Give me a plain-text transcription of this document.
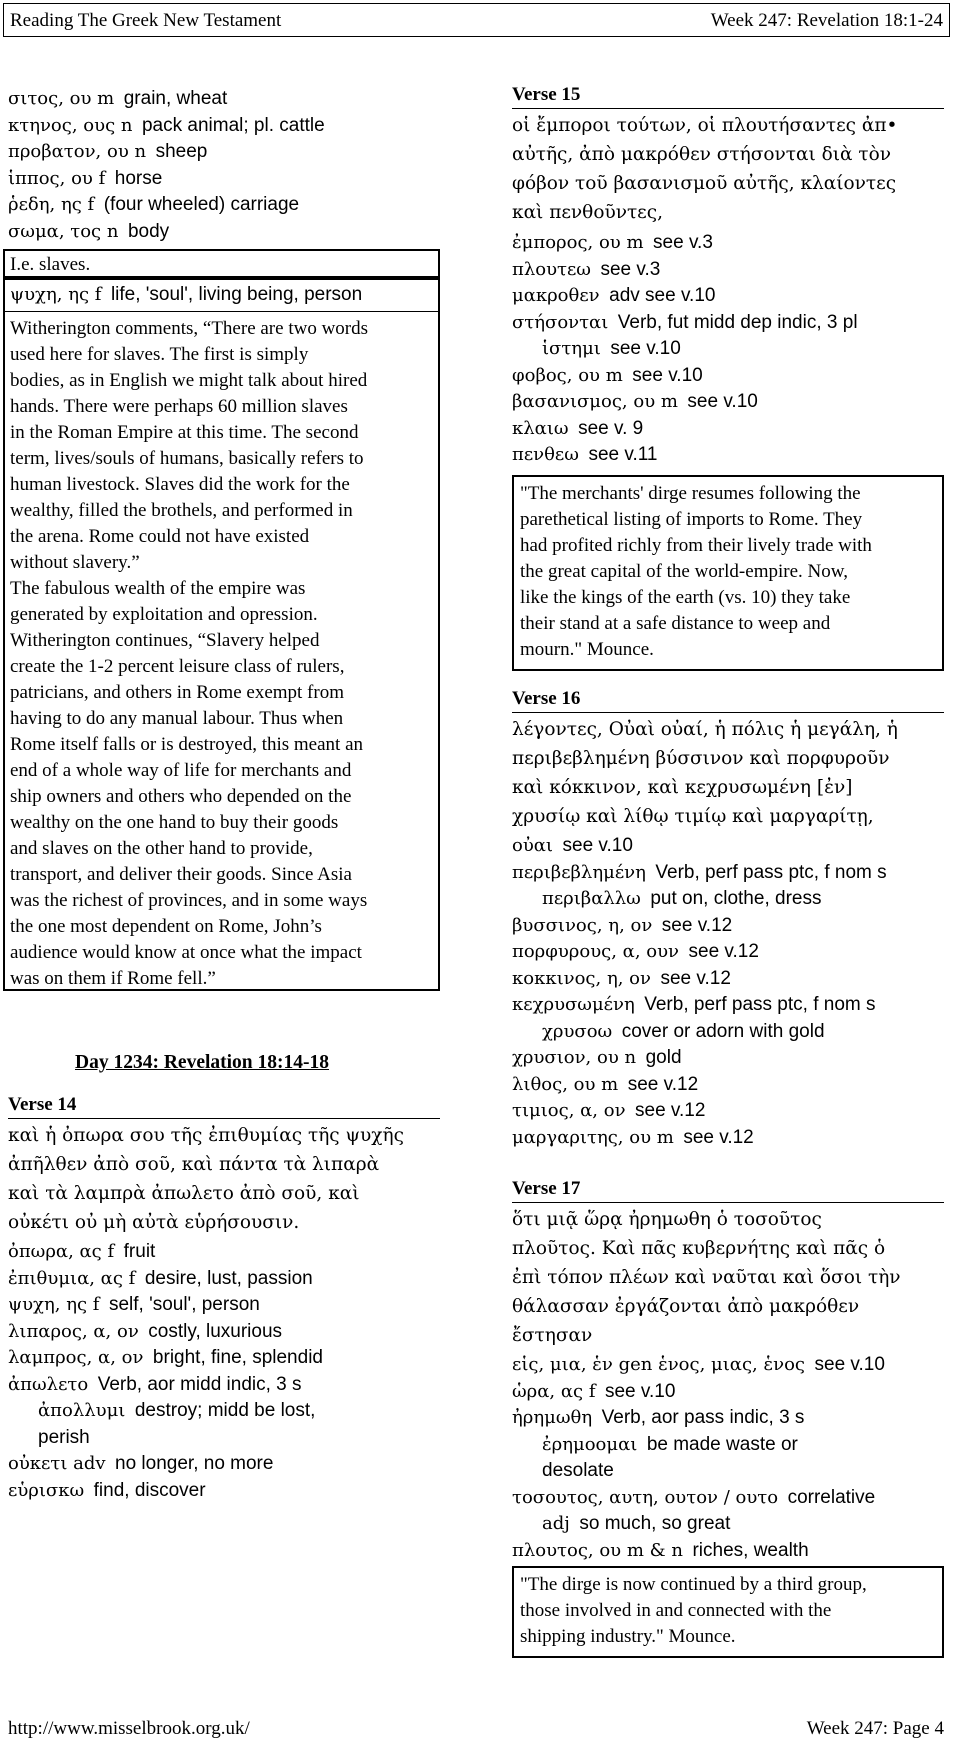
Reading The Greek New Testament	Week 247: Revelation 18:1-24
σιτος, ου m grain, wheat
κτηνος, ους n pack animal; pl. cattle
προβατον, ου n sheep
ἱππος, ου f horse
ῥεδη, ης f (four wheeled) carriage
σωμα, τος n body
I.e. slaves.
ψυχη, ης f life, 'soul', living being, person
Witherington comments, “There are two words
used here for slaves. The first is simply
bodies, as in English we might talk about hired
hands. There were perhaps 60 million slaves
in the Roman Empire at this time. The second
term, lives/souls of humans, basically refers to
human livestock. Slaves did the work for the
wealthy, filled the brothels, and performed in
the arena. Rome could not have existed
without slavery.”
The fabulous wealth of the empire was
generated by exploitation and opression.
Witherington continues, “Slavery helped
create the 1-2 percent leisure class of rulers,
patricians, and others in Rome exempt from
having to do any manual labour. Thus when
Rome itself falls or is destroyed, this meant an
end of a whole way of life for merchants and
ship owners and others who depended on the
wealthy on the one hand to buy their goods
and slaves on the other hand to provide,
transport, and deliver their goods. Since Asia
was the richest of provinces, and in some ways
the one most dependent on Rome, John’s
audience would know at once what the impact
was on them if Rome fell.”
Day 1234: Revelation 18:14-18
Verse 14
καὶ ἡ ὀπωρα σου τῆς ἐπιθυμίας τῆς ψυχῆς
ἀπῆλθεν ἀπὸ σοῦ, καὶ πάντα τὰ λιπαρὰ
καὶ τὰ λαμπρὰ ἀπωλετο ἀπὸ σοῦ, καὶ
οὐκέτι οὐ μὴ αὐτὰ εὑρήσουσιν.
ὀπωρα, ας f fruit
ἐπιθυμια, ας f desire, lust, passion
ψυχη, ης f self, 'soul', person
λιπαρος, α, ον costly, luxurious
λαμπρος, α, ον bright, fine, splendid
ἀπωλετο Verb, aor midd indic, 3 s
ἀπολλυμι destroy; midd be lost,
perish
οὐκετι adv no longer, no more
εὑρισκω find, discover
Verse 15
οἱ ἔμποροι τούτων, οἱ πλουτήσαντες ἀπ•
αὐτῆς, ἀπὸ μακρόθεν στήσονται διὰ τὸν
φόβον τοῦ βασανισμοῦ αὐτῆς, κλαίοντες
καὶ πενθοῦντες,
ἐμπορος, ου m see v.3
πλουτεω see v.3
μακροθεν adv see v.10
στήσονται Verb, fut midd dep indic, 3 pl
ἱστημι see v.10
φοβος, ου m see v.10
βασανισμος, ου m see v.10
κλαιω see v. 9
πενθεω see v.11
"The merchants' dirge resumes following the
parethetical listing of imports to Rome. They
had profited richly from their lively trade with
the great capital of the world-empire. Now,
like the kings of the earth (vs. 10) they take
their stand at a safe distance to weep and
mourn." Mounce.
Verse 16
λέγοντες, Οὐαὶ οὐαί, ἡ πόλις ἡ μεγάλη, ἡ
περιβεβλημένη βύσσινον καὶ πορφυροῦν
καὶ κόκκινον, καὶ κεχρυσωμένη [ἐν]
χρυσίῳ καὶ λίθῳ τιμίῳ καὶ μαργαρίτῃ,
οὐαι see v.10
περιβεβλημένη Verb, perf pass ptc, f nom s
περιβαλλω put on, clothe, dress
βυσσινος, η, ον see v.12
πορφυρους, α, ουν see v.12
κοκκινος, η, ον see v.12
κεχρυσωμένη Verb, perf pass ptc, f nom s
χρυσοω cover or adorn with gold
χρυσιον, ου n gold
λιθος, ου m see v.12
τιμιος, α, ον see v.12
μαργαριτης, ου m see v.12
Verse 17
ὅτι μιᾷ ὥρᾳ ἠρημωθη ὁ τοσοῦτος
πλοῦτος. Καὶ πᾶς κυβερνήτης καὶ πᾶς ὁ
ἐπὶ τόπον πλέων καὶ ναῦται καὶ ὅσοι τὴν
θάλασσαν ἐργάζονται ἀπὸ μακρόθεν
ἔστησαν
εἱς, μια, ἑν gen ἑνος, μιας, ἑνος see v.10
ὡρα, ας f see v.10
ἠρημωθη Verb, aor pass indic, 3 s
ἐρημοομαι be made waste or
desolate
τοσουτος, αυτη, ουτον / ουτο correlative
adj so much, so great
πλουτος, ου m & n riches, wealth
"The dirge is now continued by a third group,
those involved in and connected with the
shipping industry." Mounce.
http://www.misselbrook.org.uk/	Week 247: Page 4
